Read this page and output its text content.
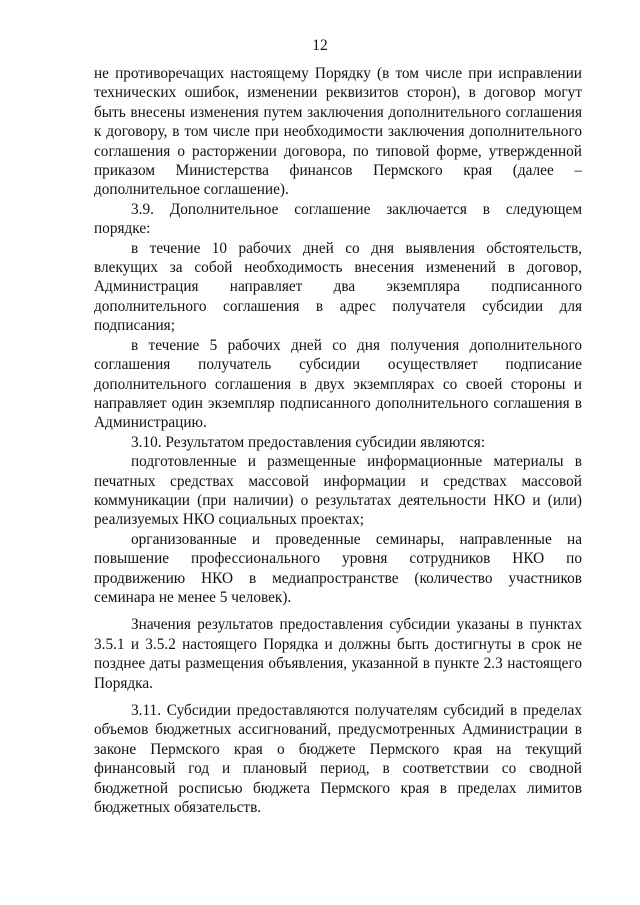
12

не противоречащих настоящему Порядку (в том числе при исправлении технических ошибок, изменении реквизитов сторон), в договор могут быть внесены изменения путем заключения дополнительного соглашения к договору, в том числе при необходимости заключения дополнительного соглашения о расторжении договора, по типовой форме, утвержденной приказом Министерства финансов Пермского края (далее – дополнительное соглашение).

3.9. Дополнительное соглашение заключается в следующем порядке:

в течение 10 рабочих дней со дня выявления обстоятельств, влекущих за собой необходимость внесения изменений в договор, Администрация направляет два экземпляра подписанного дополнительного соглашения в адрес получателя субсидии для подписания;

в течение 5 рабочих дней со дня получения дополнительного соглашения получатель субсидии осуществляет подписание дополнительного соглашения в двух экземплярах со своей стороны и направляет один экземпляр подписанного дополнительного соглашения в Администрацию.

3.10. Результатом предоставления субсидии являются:

подготовленные и размещенные информационные материалы в печатных средствах массовой информации и средствах массовой коммуникации (при наличии) о результатах деятельности НКО и (или) реализуемых НКО социальных проектах;

организованные и проведенные семинары, направленные на повышение профессионального уровня сотрудников НКО по продвижению НКО в медиапространстве (количество участников семинара не менее 5 человек).

Значения результатов предоставления субсидии указаны в пунктах 3.5.1 и 3.5.2 настоящего Порядка и должны быть достигнуты в срок не позднее даты размещения объявления, указанной в пункте 2.3 настоящего Порядка.

3.11. Субсидии предоставляются получателям субсидий в пределах объемов бюджетных ассигнований, предусмотренных Администрации в законе Пермского края о бюджете Пермского края на текущий финансовый год и плановый период, в соответствии со сводной бюджетной росписью бюджета Пермского края в пределах лимитов бюджетных обязательств.
